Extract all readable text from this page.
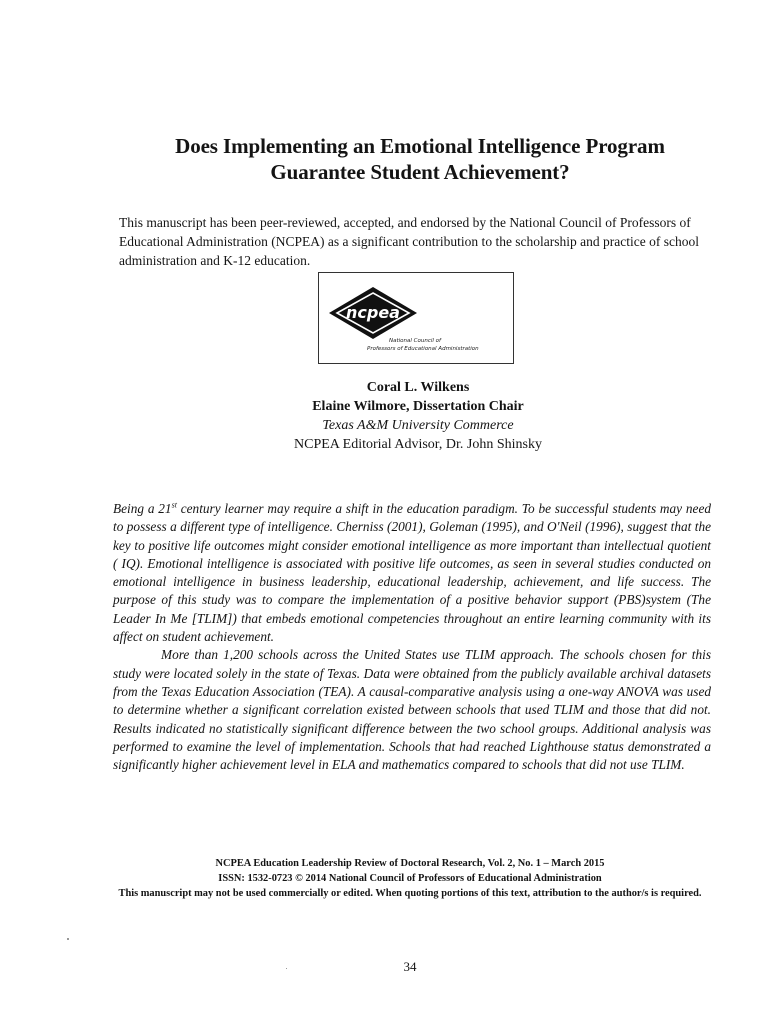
Does Implementing an Emotional Intelligence Program
Guarantee Student Achievement?
This manuscript has been peer-reviewed, accepted, and endorsed by the National Council of Professors of Educational Administration (NCPEA) as a significant contribution to the scholarship and practice of school administration and K-12 education.
ncpea
National Council of
Professors of Educational Administration
Coral L. Wilkens
Elaine Wilmore, Dissertation Chair
Texas A&M University Commerce
NCPEA Editorial Advisor, Dr. John Shinsky

Being a 21st century learner may require a shift in the education paradigm. To be successful students may need to possess a different type of intelligence. Cherniss (2001), Goleman (1995), and O'Neil (1996), suggest that the key to positive life outcomes might consider emotional intelligence as more important than intellectual quotient ( IQ). Emotional intelligence is associated with positive life outcomes, as seen in several studies conducted on emotional intelligence in business leadership, educational leadership, achievement, and life success. The purpose of this study was to compare the implementation of a positive behavior support (PBS)system (The Leader In Me [TLIM]) that embeds emotional competencies throughout an entire learning community with its affect on student achievement.

More than 1,200 schools across the United States use TLIM approach. The schools chosen for this study were located solely in the state of Texas. Data were obtained from the publicly available archival datasets from the Texas Education Association (TEA). A causal-comparative analysis using a one-way ANOVA was used to determine whether a significant correlation existed between schools that used TLIM and those that did not. Results indicated no statistically significant difference between the two school groups. Additional analysis was performed to examine the level of implementation. Schools that had reached Lighthouse status demonstrated a significantly higher achievement level in ELA and mathematics compared to schools that did not use TLIM.

NCPEA Education Leadership Review of Doctoral Research, Vol. 2, No. 1 – March 2015
ISSN: 1532-0723 © 2014 National Council of Professors of Educational Administration
This manuscript may not be used commercially or edited. When quoting portions of this text, attribution to the author/s is required.
34
